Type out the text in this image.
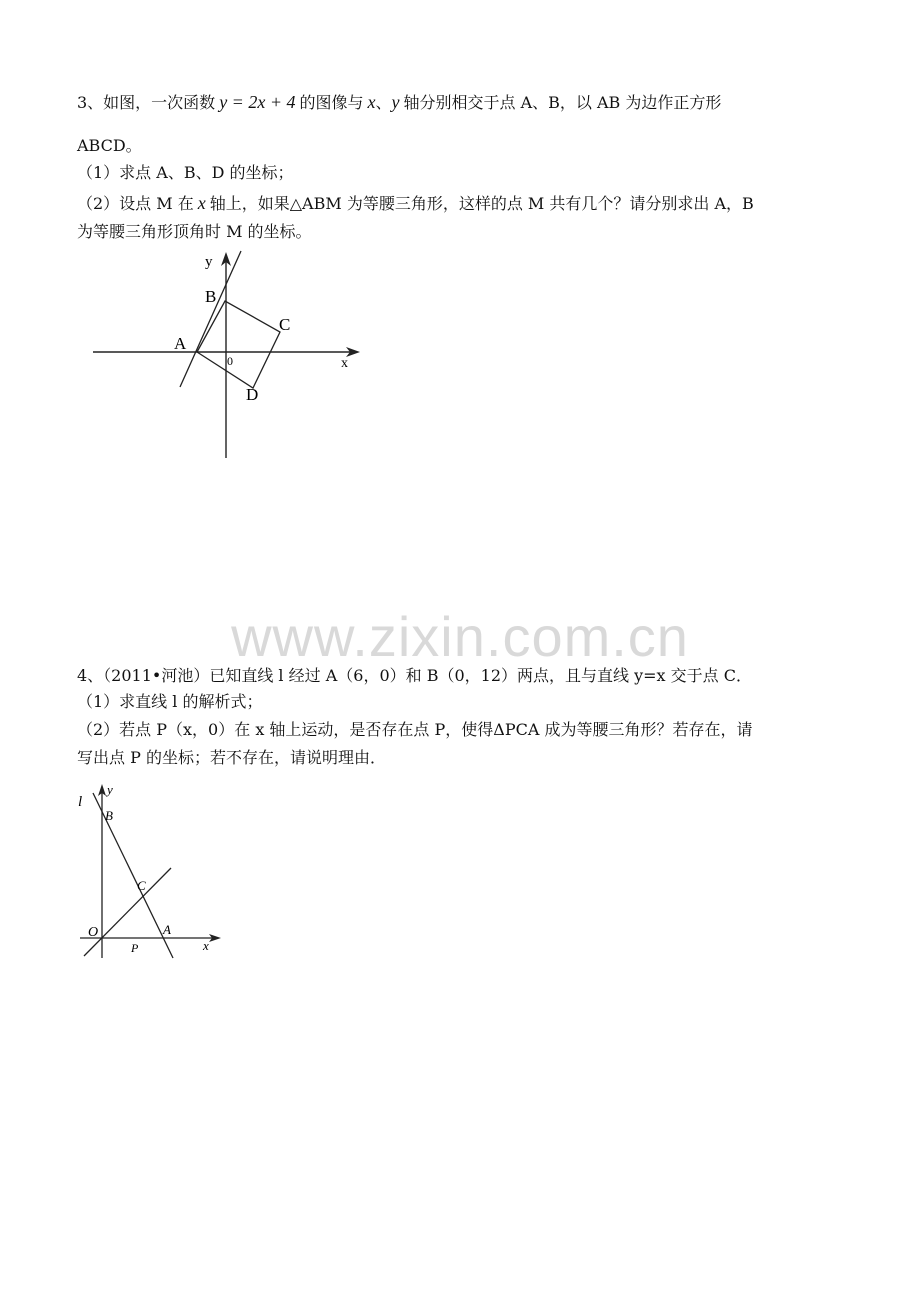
3、如图，一次函数 y = 2x + 4 的图像与 x、y 轴分别相交于点 A、B，以 AB 为边作正方形
ABCD。
（1）求点 A、B、D 的坐标；
（2）设点 M 在 x 轴上，如果△ABM 为等腰三角形，这样的点 M 共有几个？请分别求出 A，B
为等腰三角形顶角时 M 的坐标。
y
x
0
A
B
C
D
www.zixin.com.cn
4、（2011•河池）已知直线 l 经过 A（6，0）和 B（0，12）两点，且与直线 y=x 交于点 C．
（1）求直线 l 的解析式；
（2）若点 P（x，0）在 x 轴上运动，是否存在点 P，使得ΔPCA 成为等腰三角形？若存在，请
写出点 P 的坐标；若不存在，请说明理由．
l
y
x
O
B
C
A
P
